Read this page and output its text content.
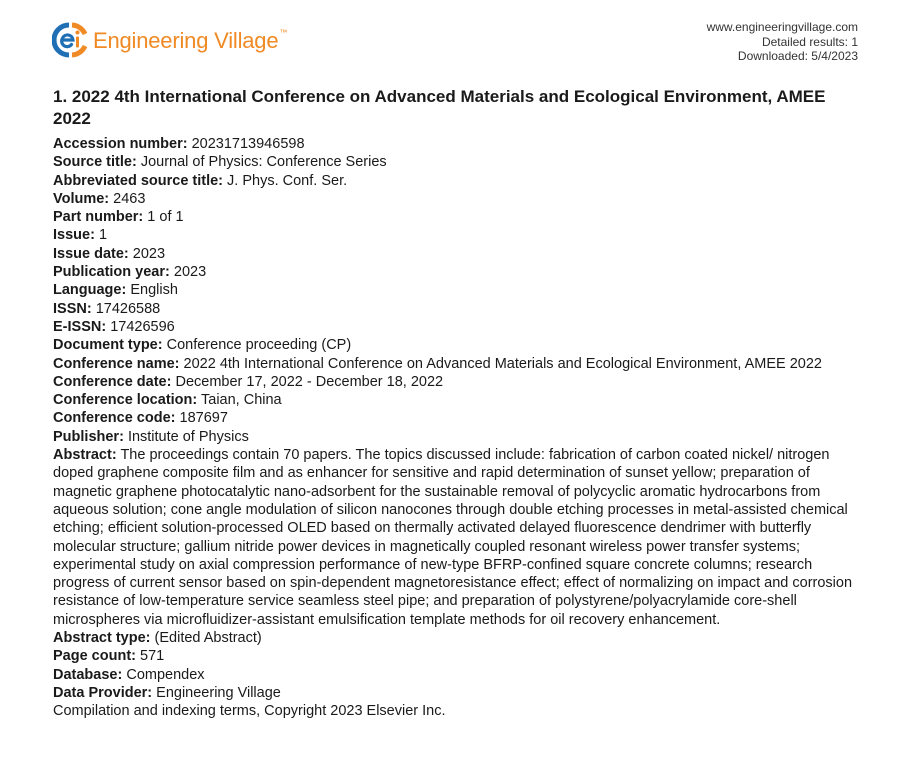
Engineering Village™	www.engineeringvillage.com
Detailed results: 1
Downloaded: 5/4/2023
1. 2022 4th International Conference on Advanced Materials and Ecological Environment, AMEE 2022
Accession number: 20231713946598
Source title: Journal of Physics: Conference Series
Abbreviated source title: J. Phys. Conf. Ser.
Volume: 2463
Part number: 1 of 1
Issue: 1
Issue date: 2023
Publication year: 2023
Language: English
ISSN: 17426588
E-ISSN: 17426596
Document type: Conference proceeding (CP)
Conference name: 2022 4th International Conference on Advanced Materials and Ecological Environment, AMEE 2022
Conference date: December 17, 2022 - December 18, 2022
Conference location: Taian, China
Conference code: 187697
Publisher: Institute of Physics
Abstract: The proceedings contain 70 papers. The topics discussed include: fabrication of carbon coated nickel/ nitrogen doped graphene composite film and as enhancer for sensitive and rapid determination of sunset yellow; preparation of magnetic graphene photocatalytic nano-adsorbent for the sustainable removal of polycyclic aromatic hydrocarbons from aqueous solution; cone angle modulation of silicon nanocones through double etching processes in metal-assisted chemical etching; efficient solution-processed OLED based on thermally activated delayed fluorescence dendrimer with butterfly molecular structure; gallium nitride power devices in magnetically coupled resonant wireless power transfer systems; experimental study on axial compression performance of new-type BFRP-confined square concrete columns; research progress of current sensor based on spin-dependent magnetoresistance effect; effect of normalizing on impact and corrosion resistance of low-temperature service seamless steel pipe; and preparation of polystyrene/polyacrylamide core-shell microspheres via microfluidizer-assistant emulsification template methods for oil recovery enhancement.
Abstract type: (Edited Abstract)
Page count: 571
Database: Compendex
Data Provider: Engineering Village
Compilation and indexing terms, Copyright 2023 Elsevier Inc.
